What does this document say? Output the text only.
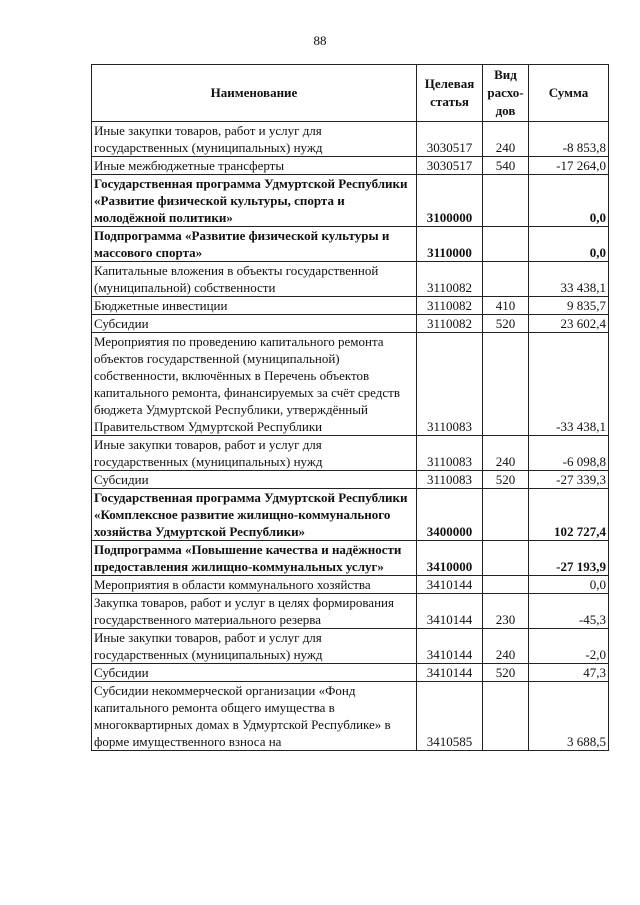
88
Наименование	Целевая статья	Вид расхо-дов	Сумма
Иные закупки товаров, работ и услуг для государственных (муниципальных) нужд	3030517	240	-8 853,8
Иные межбюджетные трансферты	3030517	540	-17 264,0
Государственная программа Удмуртской Республики «Развитие физической культуры, спорта и молодёжной политики»	3100000		0,0
Подпрограмма «Развитие физической культуры и массового спорта»	3110000		0,0
Капитальные вложения в объекты государственной (муниципальной) собственности	3110082		33 438,1
Бюджетные инвестиции	3110082	410	9 835,7
Субсидии	3110082	520	23 602,4
Мероприятия по проведению капитального ремонта объектов государственной (муниципальной) собственности, включённых в Перечень объектов капитального ремонта, финансируемых за счёт средств бюджета Удмуртской Республики, утверждённый Правительством Удмуртской Республики	3110083		-33 438,1
Иные закупки товаров, работ и услуг для государственных (муниципальных) нужд	3110083	240	-6 098,8
Субсидии	3110083	520	-27 339,3
Государственная программа Удмуртской Республики «Комплексное развитие жилищно-коммунального хозяйства Удмуртской Республики»	3400000		102 727,4
Подпрограмма «Повышение качества и надёжности предоставления жилищно-коммунальных услуг»	3410000		-27 193,9
Мероприятия в области коммунального хозяйства	3410144		0,0
Закупка товаров, работ и услуг в целях формирования государственного материального резерва	3410144	230	-45,3
Иные закупки товаров, работ и услуг для государственных (муниципальных) нужд	3410144	240	-2,0
Субсидии	3410144	520	47,3
Субсидии некоммерческой организации «Фонд капитального ремонта общего имущества в многоквартирных домах в Удмуртской Республике» в форме имущественного взноса на	3410585		3 688,5
